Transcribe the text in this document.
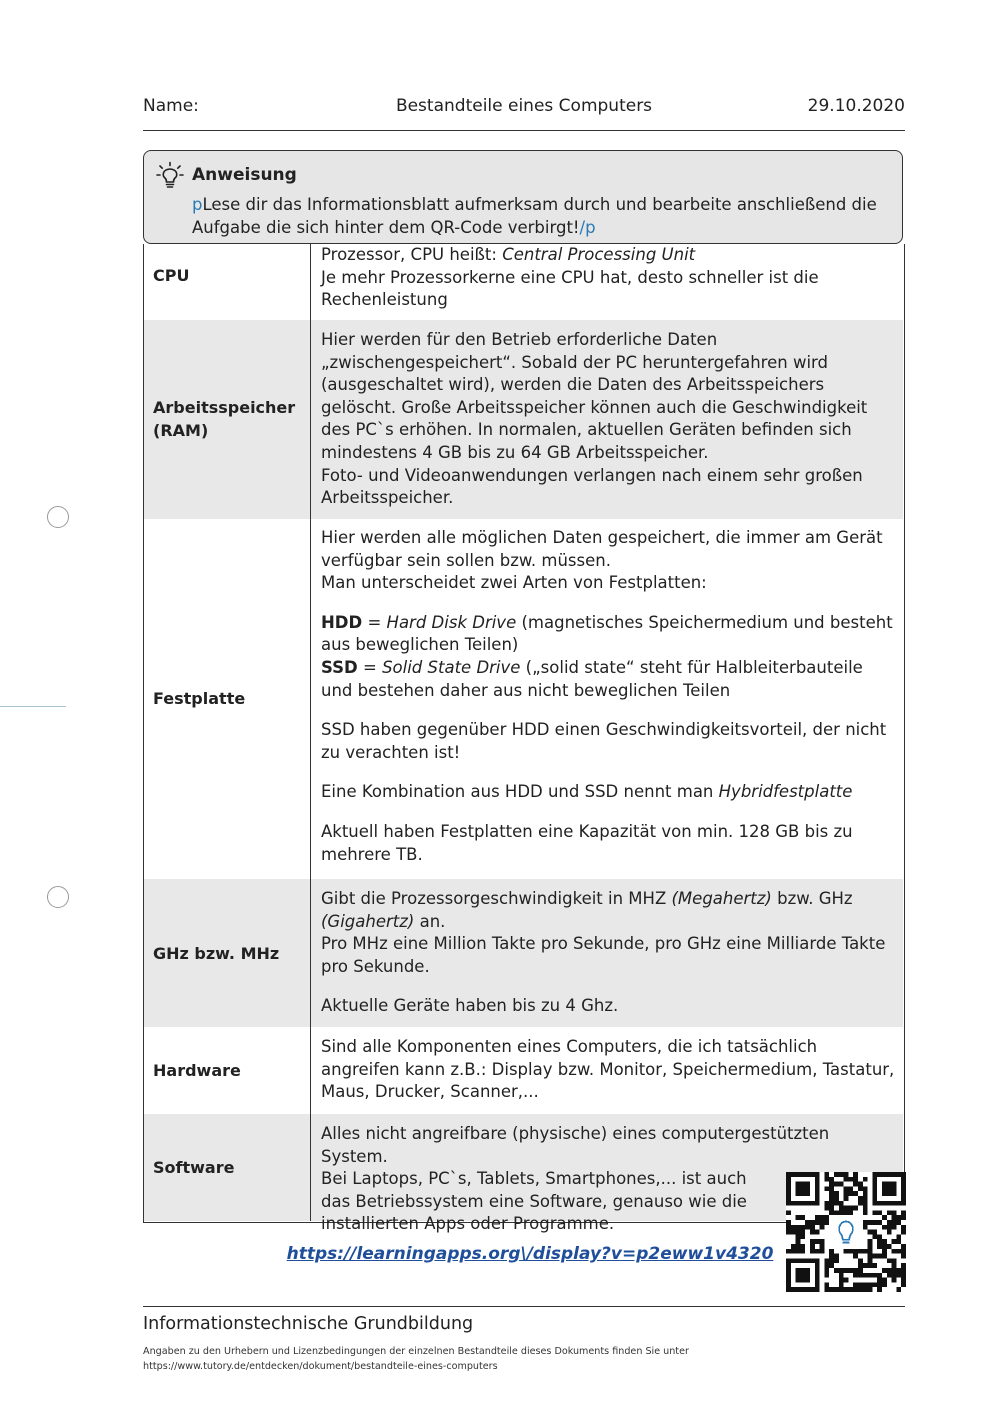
Name:	Bestandteile eines Computers	29.10.2020
Anweisung
pLese dir das Informationsblatt aufmerksam durch und bearbeite anschließend die Aufgabe die sich hinter dem QR-Code verbirgt!/p
CPU

Prozessor, CPU heißt: Central Processing Unit

Je mehr Prozessorkerne eine CPU hat, desto schneller ist die Rechenleistung

Arbeitsspeicher (RAM)

Hier werden für den Betrieb erforderliche Daten „zwischengespeichert“. Sobald der PC heruntergefahren wird (ausgeschaltet wird), werden die Daten des Arbeitsspeichers gelöscht. Große Arbeitsspeicher können auch die Geschwindigkeit des PC`s erhöhen. In normalen, aktuellen Geräten befinden sich mindestens 4 GB bis zu 64 GB Arbeitsspeicher.

Foto- und Videoanwendungen verlangen nach einem sehr großen Arbeitsspeicher.

Festplatte

Hier werden alle möglichen Daten gespeichert, die immer am Gerät verfügbar sein sollen bzw. müssen.

Man unterscheidet zwei Arten von Festplatten:

HDD = Hard Disk Drive (magnetisches Speichermedium und besteht aus beweglichen Teilen)

SSD = Solid State Drive („solid state“ steht für Halbleiterbauteile und bestehen daher aus nicht beweglichen Teilen

SSD haben gegenüber HDD einen Geschwindigkeitsvorteil, der nicht zu verachten ist!

Eine Kombination aus HDD und SSD nennt man Hybridfestplatte

Aktuell haben Festplatten eine Kapazität von min. 128 GB bis zu mehrere TB.

GHz bzw. MHz

Gibt die Prozessorgeschwindigkeit in MHZ (Megahertz) bzw. GHz (Gigahertz) an.

Pro MHz eine Million Takte pro Sekunde, pro GHz eine Milliarde Takte pro Sekunde.

Aktuelle Geräte haben bis zu 4 Ghz.

Hardware

Sind alle Komponenten eines Computers, die ich tatsächlich angreifen kann z.B.: Display bzw. Monitor, Speichermedium, Tastatur, Maus, Drucker, Scanner,...

Software

Alles nicht angreifbare (physische) eines computergestützten System.

Bei Laptops, PC`s, Tablets, Smartphones,... ist auch

das Betriebssystem eine Software, genauso wie die

installierten Apps oder Programme.

https://learningapps.org\/display?v=p2eww1v4320
Informationstechnische Grundbildung
Angaben zu den Urhebern und Lizenzbedingungen der einzelnen Bestandteile dieses Dokuments finden Sie unter
https://www.tutory.de/entdecken/dokument/bestandteile-eines-computers
